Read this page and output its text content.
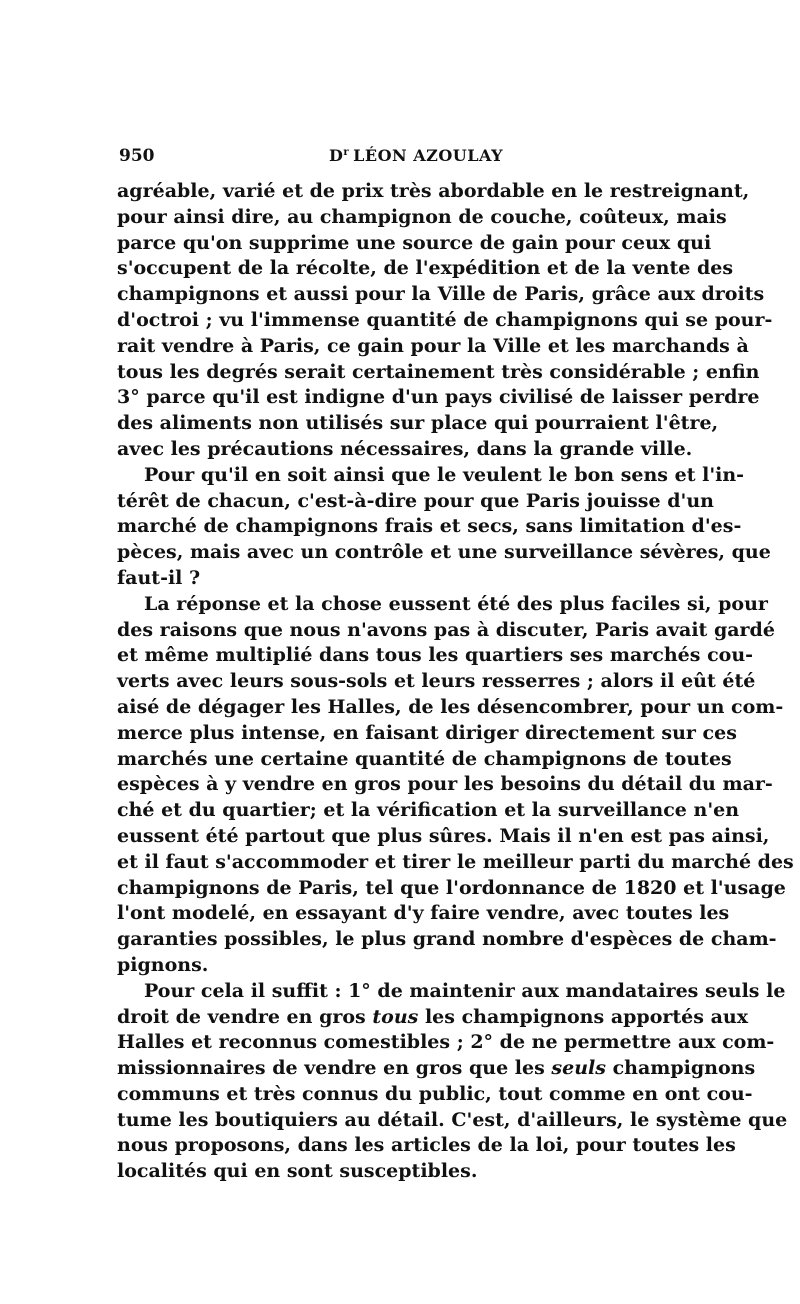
950	$D^r$ LÉON AZOULAY

agréable, varié et de prix très abordable en le restreignant,
pour ainsi dire, au champignon de couche, coûteux, mais
parce qu'on supprime une source de gain pour ceux qui
s'occupent de la récolte, de l'expédition et de la vente des
champignons et aussi pour la Ville de Paris, grâce aux droits
d'octroi ; vu l'immense quantité de champignons qui se pour-
rait vendre à Paris, ce gain pour la Ville et les marchands à
tous les degrés serait certainement très considérable ; enfin
3° parce qu'il est indigne d'un pays civilisé de laisser perdre
des aliments non utilisés sur place qui pourraient l'être,
avec les précautions nécessaires, dans la grande ville.

Pour qu'il en soit ainsi que le veulent le bon sens et l'in-
térêt de chacun, c'est-à-dire pour que Paris jouisse d'un
marché de champignons frais et secs, sans limitation d'es-
pèces, mais avec un contrôle et une surveillance sévères, que
faut-il ?

La réponse et la chose eussent été des plus faciles si, pour
des raisons que nous n'avons pas à discuter, Paris avait gardé
et même multiplié dans tous les quartiers ses marchés cou-
verts avec leurs sous-sols et leurs resserres ; alors il eût été
aisé de dégager les Halles, de les désencombrer, pour un com-
merce plus intense, en faisant diriger directement sur ces
marchés une certaine quantité de champignons de toutes
espèces à y vendre en gros pour les besoins du détail du mar-
ché et du quartier; et la vérification et la surveillance n'en
eussent été partout que plus sûres. Mais il n'en est pas ainsi,
et il faut s'accommoder et tirer le meilleur parti du marché des
champignons de Paris, tel que l'ordonnance de 1820 et l'usage
l'ont modelé, en essayant d'y faire vendre, avec toutes les
garanties possibles, le plus grand nombre d'espèces de cham-
pignons.

Pour cela il suffit : 1° de maintenir aux mandataires seuls le
droit de vendre en gros tous les champignons apportés aux
Halles et reconnus comestibles ; 2° de ne permettre aux com-
missionnaires de vendre en gros que les seuls champignons
communs et très connus du public, tout comme en ont cou-
tume les boutiquiers au détail. C'est, d'ailleurs, le système que
nous proposons, dans les articles de la loi, pour toutes les
localités qui en sont susceptibles.
